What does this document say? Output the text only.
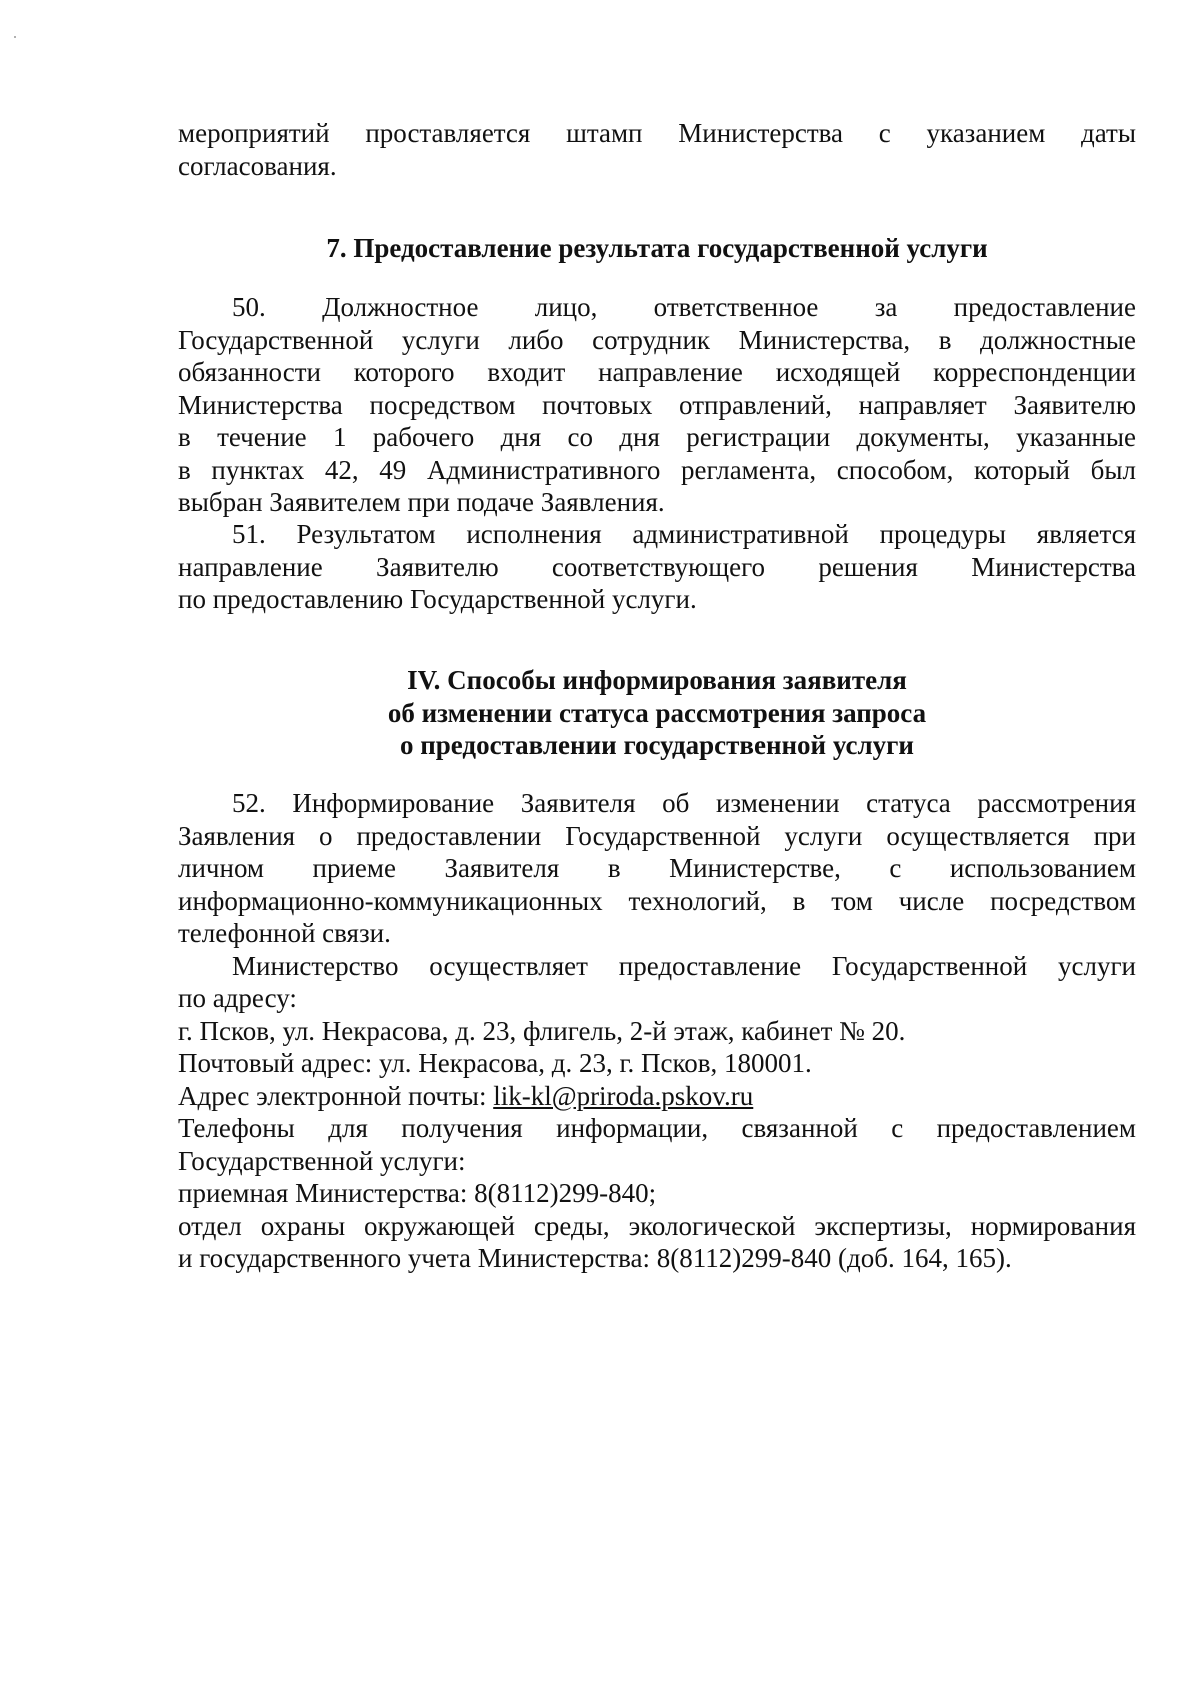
мероприятий проставляется штамп Министерства с указанием даты
согласования.
7. Предоставление результата государственной услуги
50. Должностное лицо, ответственное за предоставление
Государственной услуги либо сотрудник Министерства, в должностные
обязанности которого входит направление исходящей корреспонденции
Министерства посредством почтовых отправлений, направляет Заявителю
в течение 1 рабочего дня со дня регистрации документы, указанные
в пунктах 42, 49 Административного регламента, способом, который был
выбран Заявителем при подаче Заявления.
51. Результатом исполнения административной процедуры является
направление Заявителю соответствующего решения Министерства
по предоставлению Государственной услуги.
IV. Способы информирования заявителя
об изменении статуса рассмотрения запроса
о предоставлении государственной услуги
52. Информирование Заявителя об изменении статуса рассмотрения
Заявления о предоставлении Государственной услуги осуществляется при
личном приеме Заявителя в Министерстве, с использованием
информационно-коммуникационных технологий, в том числе посредством
телефонной связи.
Министерство осуществляет предоставление Государственной услуги
по адресу:
г. Псков, ул. Некрасова, д. 23, флигель, 2-й этаж, кабинет № 20.
Почтовый адрес: ул. Некрасова, д. 23, г. Псков, 180001.
Адрес электронной почты: lik-kl@priroda.pskov.ru
Телефоны для получения информации, связанной с предоставлением
Государственной услуги:
приемная Министерства: 8(8112)299-840;
отдел охраны окружающей среды, экологической экспертизы, нормирования
и государственного учета Министерства: 8(8112)299-840 (доб. 164, 165).
